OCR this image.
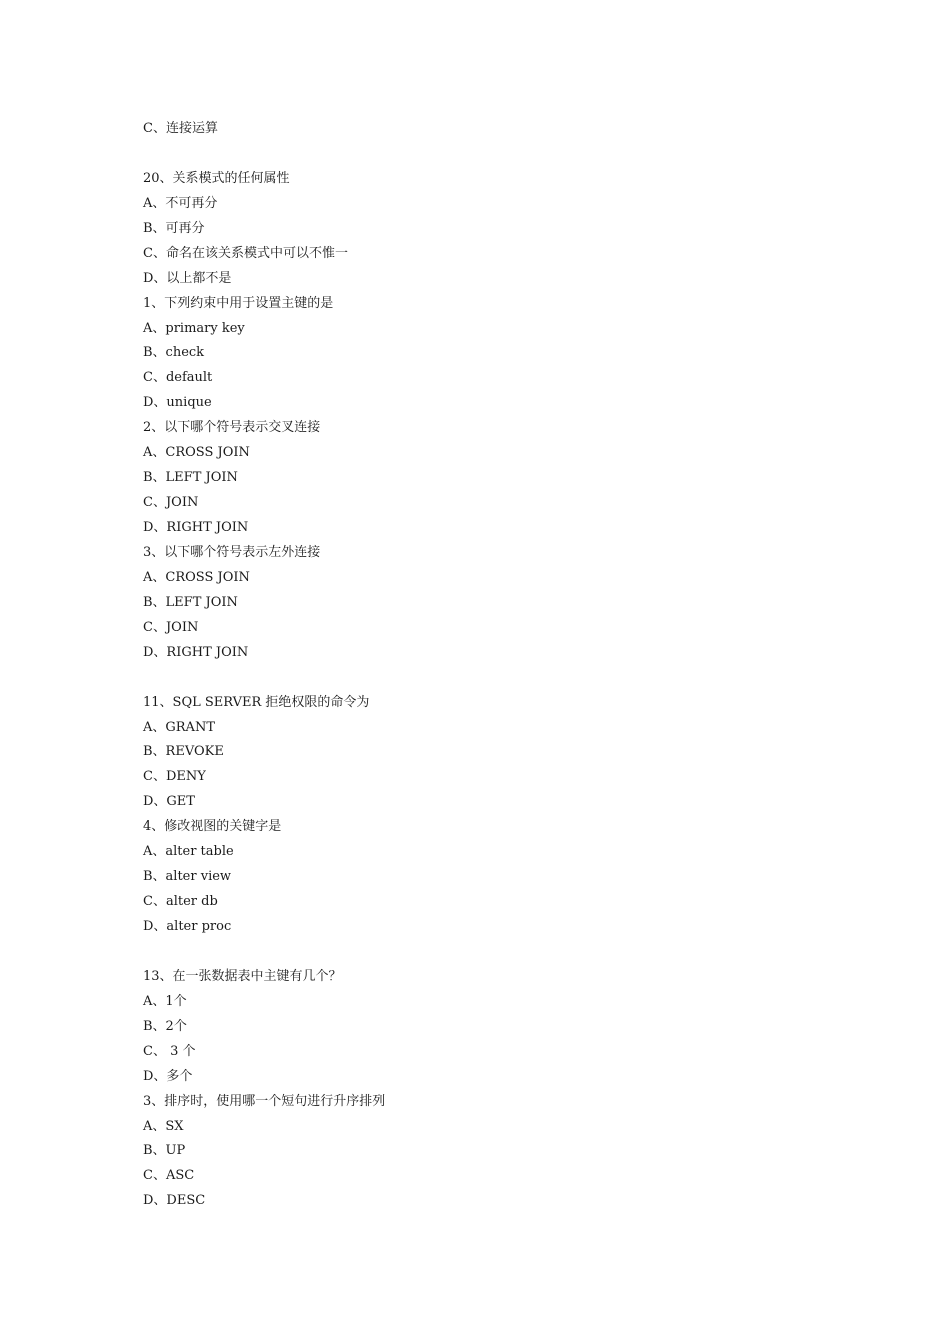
C、连接运算
20、关系模式的任何属性
A、不可再分
B、可再分
C、命名在该关系模式中可以不惟一
D、以上都不是
1、下列约束中用于设置主键的是
A、primary key
B、check
C、default
D、unique
2、以下哪个符号表示交叉连接
A、CROSS JOIN
B、LEFT JOIN
C、JOIN
D、RIGHT JOIN
3、以下哪个符号表示左外连接
A、CROSS JOIN
B、LEFT JOIN
C、JOIN
D、RIGHT JOIN
11、SQL SERVER 拒绝权限的命令为
A、GRANT
B、REVOKE
C、DENY
D、GET
4、修改视图的关键字是
A、alter table
B、alter view
C、alter db
D、alter proc
13、在一张数据表中主键有几个？
A、1个
B、2个
C、 3 个
D、多个
3、排序时，使用哪一个短句进行升序排列
A、SX
B、UP
C、ASC
D、DESC
